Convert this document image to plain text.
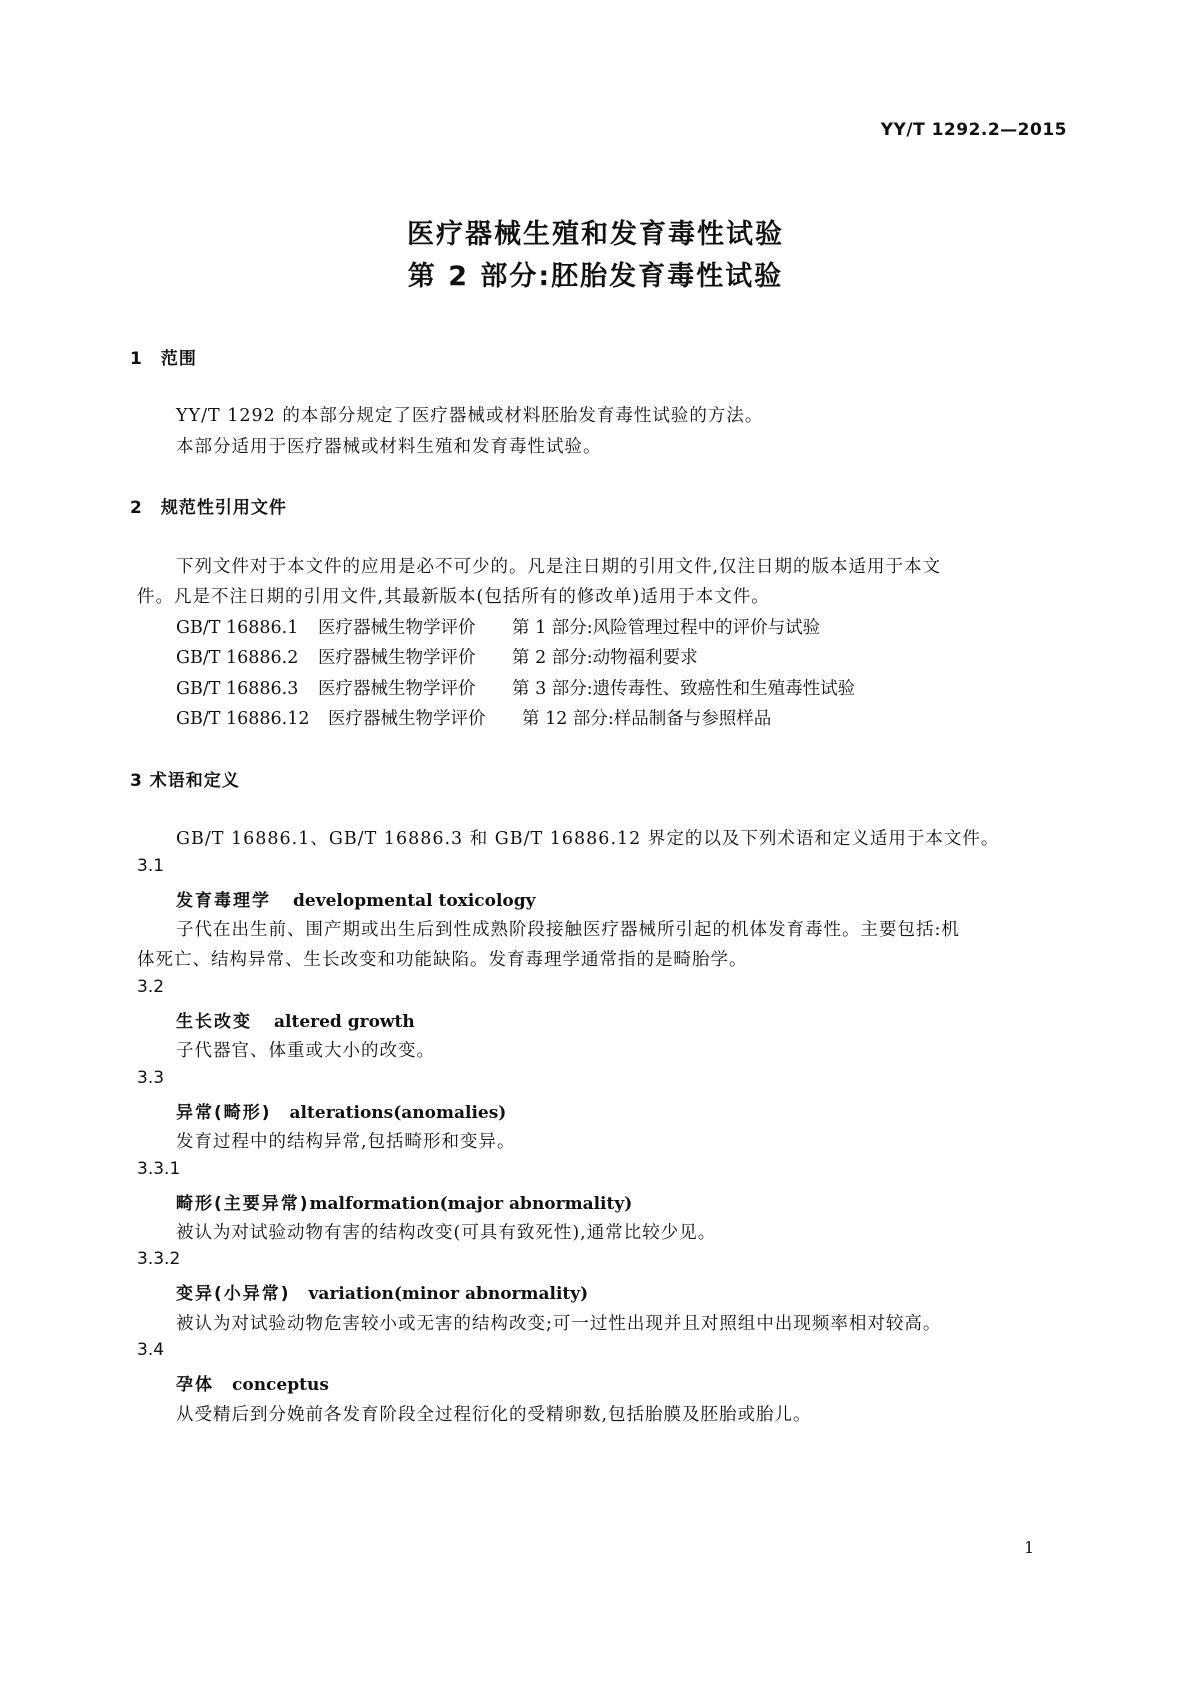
YY/T 1292.2—2015
医疗器械生殖和发育毒性试验
第 2 部分:胚胎发育毒性试验
1　范围
YY/T 1292 的本部分规定了医疗器械或材料胚胎发育毒性试验的方法。
本部分适用于医疗器械或材料生殖和发育毒性试验。
2　规范性引用文件
下列文件对于本文件的应用是必不可少的。凡是注日期的引用文件,仅注日期的版本适用于本文
件。凡是不注日期的引用文件,其最新版本(包括所有的修改单)适用于本文件。
GB/T 16886.1 医疗器械生物学评价 第 1 部分:风险管理过程中的评价与试验
GB/T 16886.2 医疗器械生物学评价 第 2 部分:动物福利要求
GB/T 16886.3 医疗器械生物学评价 第 3 部分:遗传毒性、致癌性和生殖毒性试验
GB/T 16886.12 医疗器械生物学评价 第 12 部分:样品制备与参照样品
3 术语和定义
GB/T 16886.1、GB/T 16886.3 和 GB/T 16886.12 界定的以及下列术语和定义适用于本文件。
3.1
发育毒理学 developmental toxicology
子代在出生前、围产期或出生后到性成熟阶段接触医疗器械所引起的机体发育毒性。主要包括:机
体死亡、结构异常、生长改变和功能缺陷。发育毒理学通常指的是畸胎学。
3.2
生长改变 altered growth
子代器官、体重或大小的改变。
3.3
异常(畸形) alterations(anomalies)
发育过程中的结构异常,包括畸形和变异。
3.3.1
畸形(主要异常)malformation(major abnormality)
被认为对试验动物有害的结构改变(可具有致死性),通常比较少见。
3.3.2
变异(小异常) variation(minor abnormality)
被认为对试验动物危害较小或无害的结构改变;可一过性出现并且对照组中出现频率相对较高。
3.4
孕体 conceptus
从受精后到分娩前各发育阶段全过程衍化的受精卵数,包括胎膜及胚胎或胎儿。
1
